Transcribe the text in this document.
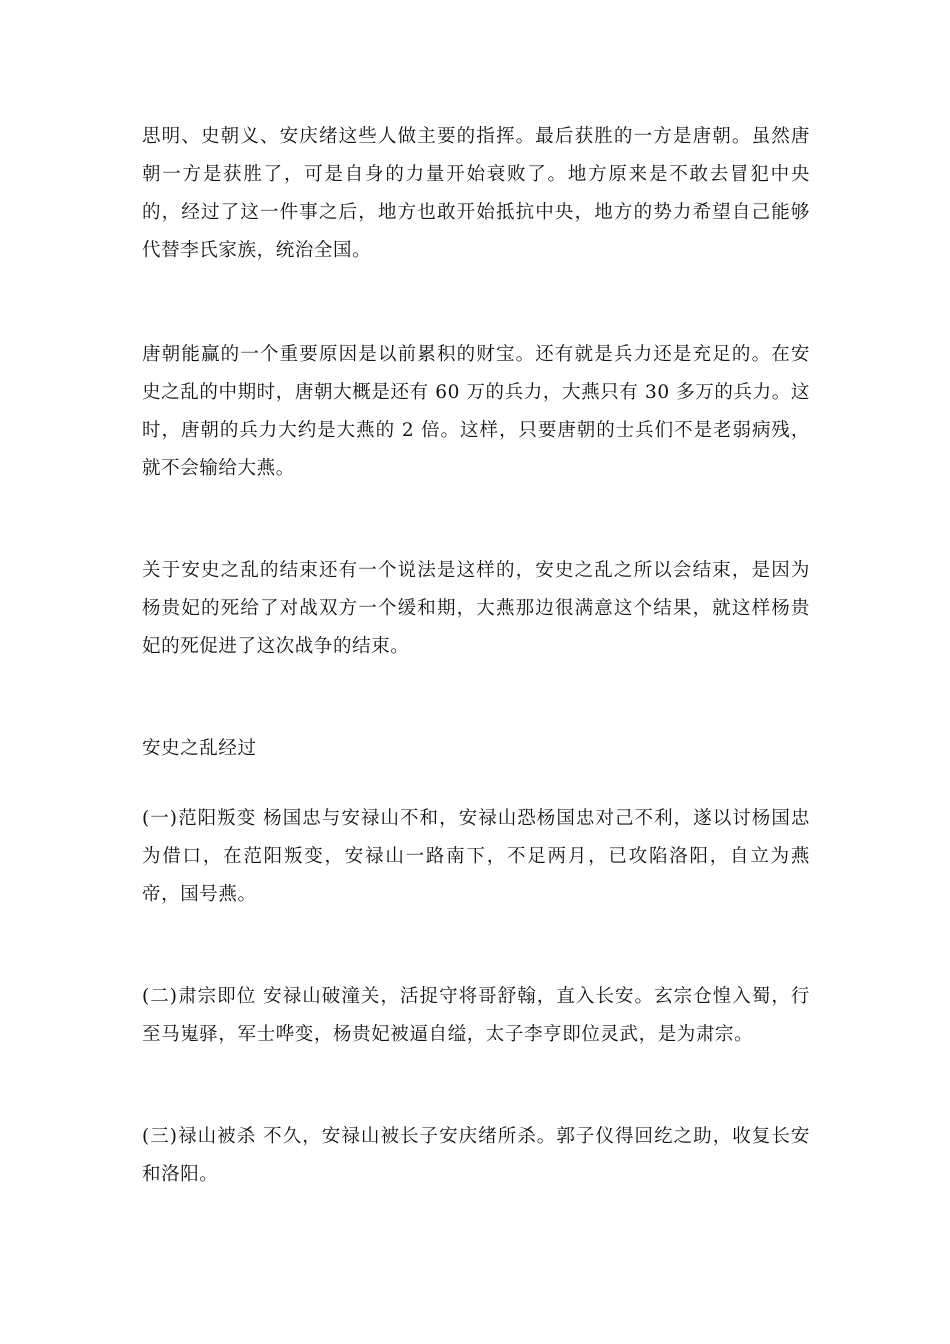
思明、史朝义、安庆绪这些人做主要的指挥。最后获胜的一方是唐朝。虽然唐朝一方是获胜了，可是自身的力量开始衰败了。地方原来是不敢去冒犯中央的，经过了这一件事之后，地方也敢开始抵抗中央，地方的势力希望自己能够代替李氏家族，统治全国。

唐朝能赢的一个重要原因是以前累积的财宝。还有就是兵力还是充足的。在安史之乱的中期时，唐朝大概是还有 60 万的兵力，大燕只有 30 多万的兵力。这时，唐朝的兵力大约是大燕的 2 倍。这样，只要唐朝的士兵们不是老弱病残，就不会输给大燕。

关于安史之乱的结束还有一个说法是这样的，安史之乱之所以会结束，是因为杨贵妃的死给了对战双方一个缓和期，大燕那边很满意这个结果，就这样杨贵妃的死促进了这次战争的结束。

安史之乱经过

(一)范阳叛变 杨国忠与安禄山不和，安禄山恐杨国忠对己不利，遂以讨杨国忠为借口，在范阳叛变，安禄山一路南下，不足两月，已攻陷洛阳，自立为燕帝，国号燕。

(二)肃宗即位 安禄山破潼关，活捉守将哥舒翰，直入长安。玄宗仓惶入蜀，行至马嵬驿，军士哗变，杨贵妃被逼自缢，太子李亨即位灵武，是为肃宗。

(三)禄山被杀 不久，安禄山被长子安庆绪所杀。郭子仪得回纥之助，收复长安和洛阳。
